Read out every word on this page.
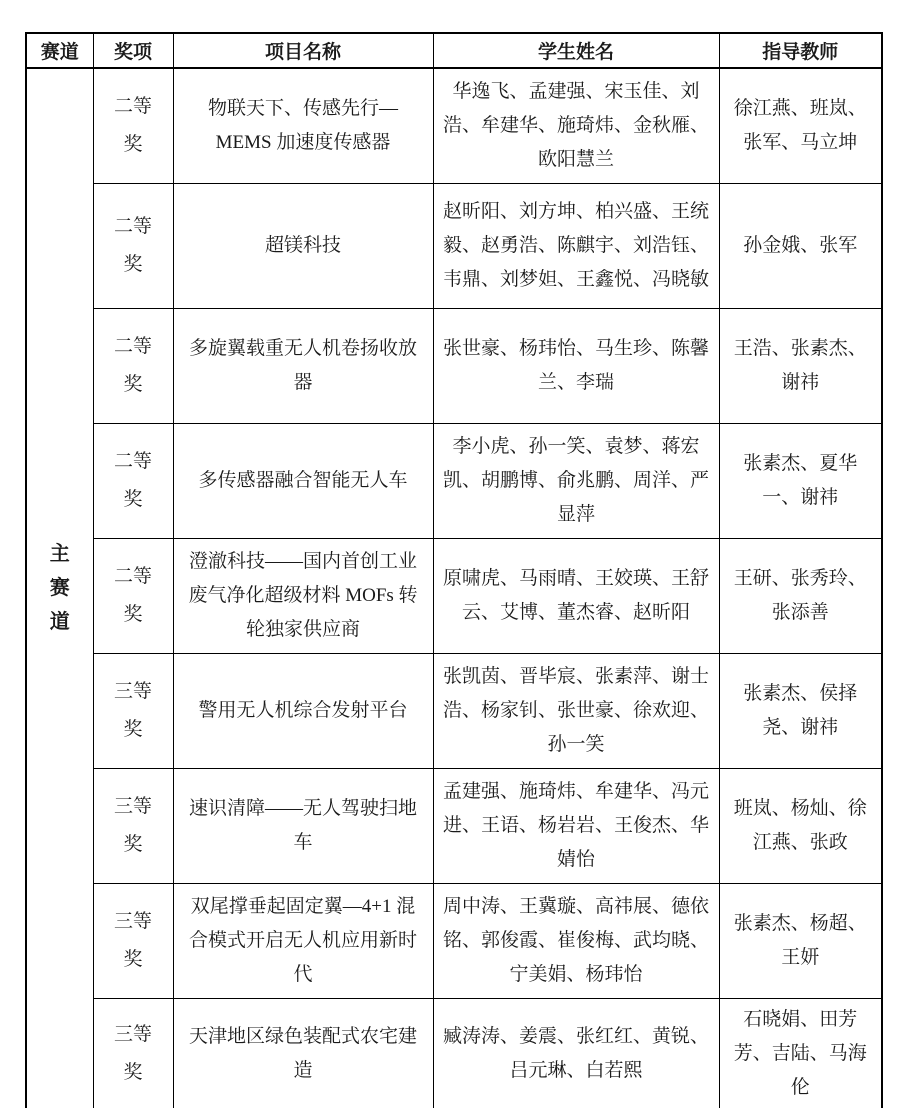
赛道	奖项	项目名称	学生姓名	指导教师
主赛道	二等奖	物联天下、传感先行—MEMS 加速度传感器	华逸飞、孟建强、宋玉佳、刘浩、牟建华、施琦炜、金秋雁、欧阳慧兰	徐江燕、班岚、张军、马立坤
	二等奖	超镁科技	赵昕阳、刘方坤、柏兴盛、王统毅、赵勇浩、陈麒宇、刘浩钰、韦鼎、刘梦妲、王鑫悦、冯晓敏	孙金娥、张军
	二等奖	多旋翼载重无人机卷扬收放器	张世豪、杨玮怡、马生珍、陈馨兰、李瑞	王浩、张素杰、谢祎
	二等奖	多传感器融合智能无人车	李小虎、孙一笑、袁梦、蒋宏凯、胡鹏博、俞兆鹏、周洋、严显萍	张素杰、夏华一、谢祎
	二等奖	澄澈科技——国内首创工业废气净化超级材料 MOFs 转轮独家供应商	原啸虎、马雨晴、王姣瑛、王舒云、艾博、董杰睿、赵昕阳	王研、张秀玲、张添善
	三等奖	警用无人机综合发射平台	张凯茵、晋毕宸、张素萍、谢士浩、杨家钊、张世豪、徐欢迎、孙一笑	张素杰、侯择尧、谢祎
	三等奖	速识清障——无人驾驶扫地车	孟建强、施琦炜、牟建华、冯元进、王语、杨岩岩、王俊杰、华婧怡	班岚、杨灿、徐江燕、张政
	三等奖	双尾撑垂起固定翼—4+1 混合模式开启无人机应用新时代	周中涛、王冀璇、高祎展、德依铭、郭俊霞、崔俊梅、武均晓、宁美娟、杨玮怡	张素杰、杨超、王妍
	三等奖	天津地区绿色装配式农宅建造	臧涛涛、姜震、张红红、黄锐、吕元琳、白若熙	石晓娟、田芳芳、吉陆、马海伦
